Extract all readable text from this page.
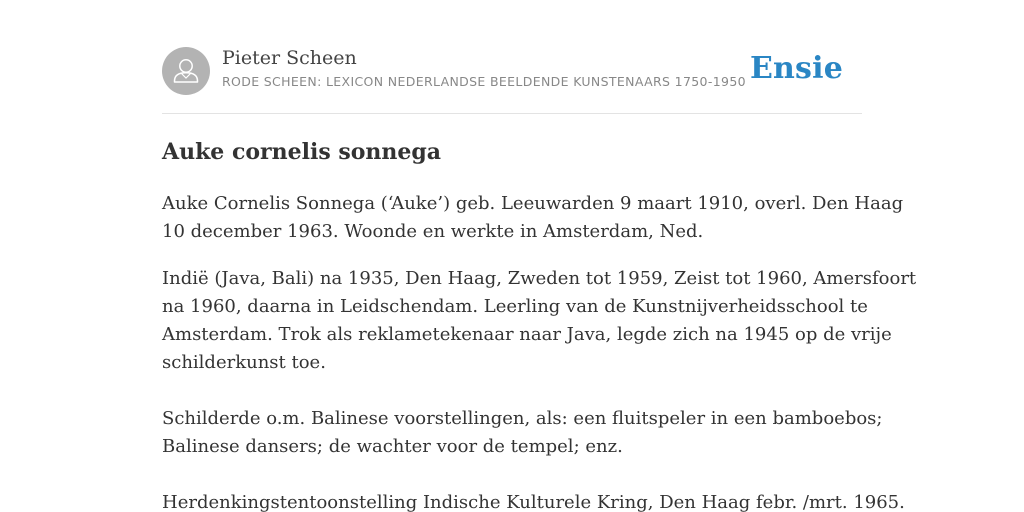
Pieter Scheen
RODE SCHEEN: LEXICON NEDERLANDSE BEELDENDE KUNSTENAARS 1750-1950 Ensie
Auke cornelis sonnega
Auke Cornelis Sonnega (‘Auke’) geb. Leeuwarden 9 maart 1910, overl. Den Haag
10 december 1963. Woonde en werkte in Amsterdam, Ned.
Indië (Java, Bali) na 1935, Den Haag, Zweden tot 1959, Zeist tot 1960, Amersfoort
na 1960, daarna in Leidschendam. Leerling van de Kunstnijverheidsschool te
Amsterdam. Trok als reklametekenaar naar Java, legde zich na 1945 op de vrije
schilderkunst toe.
Schilderde o.m. Balinese voorstellingen, als: een fluitspeler in een bamboebos;
Balinese dansers; de wachter voor de tempel; enz.
Herdenkingstentoonstelling Indische Kulturele Kring, Den Haag febr. /mrt. 1965.
